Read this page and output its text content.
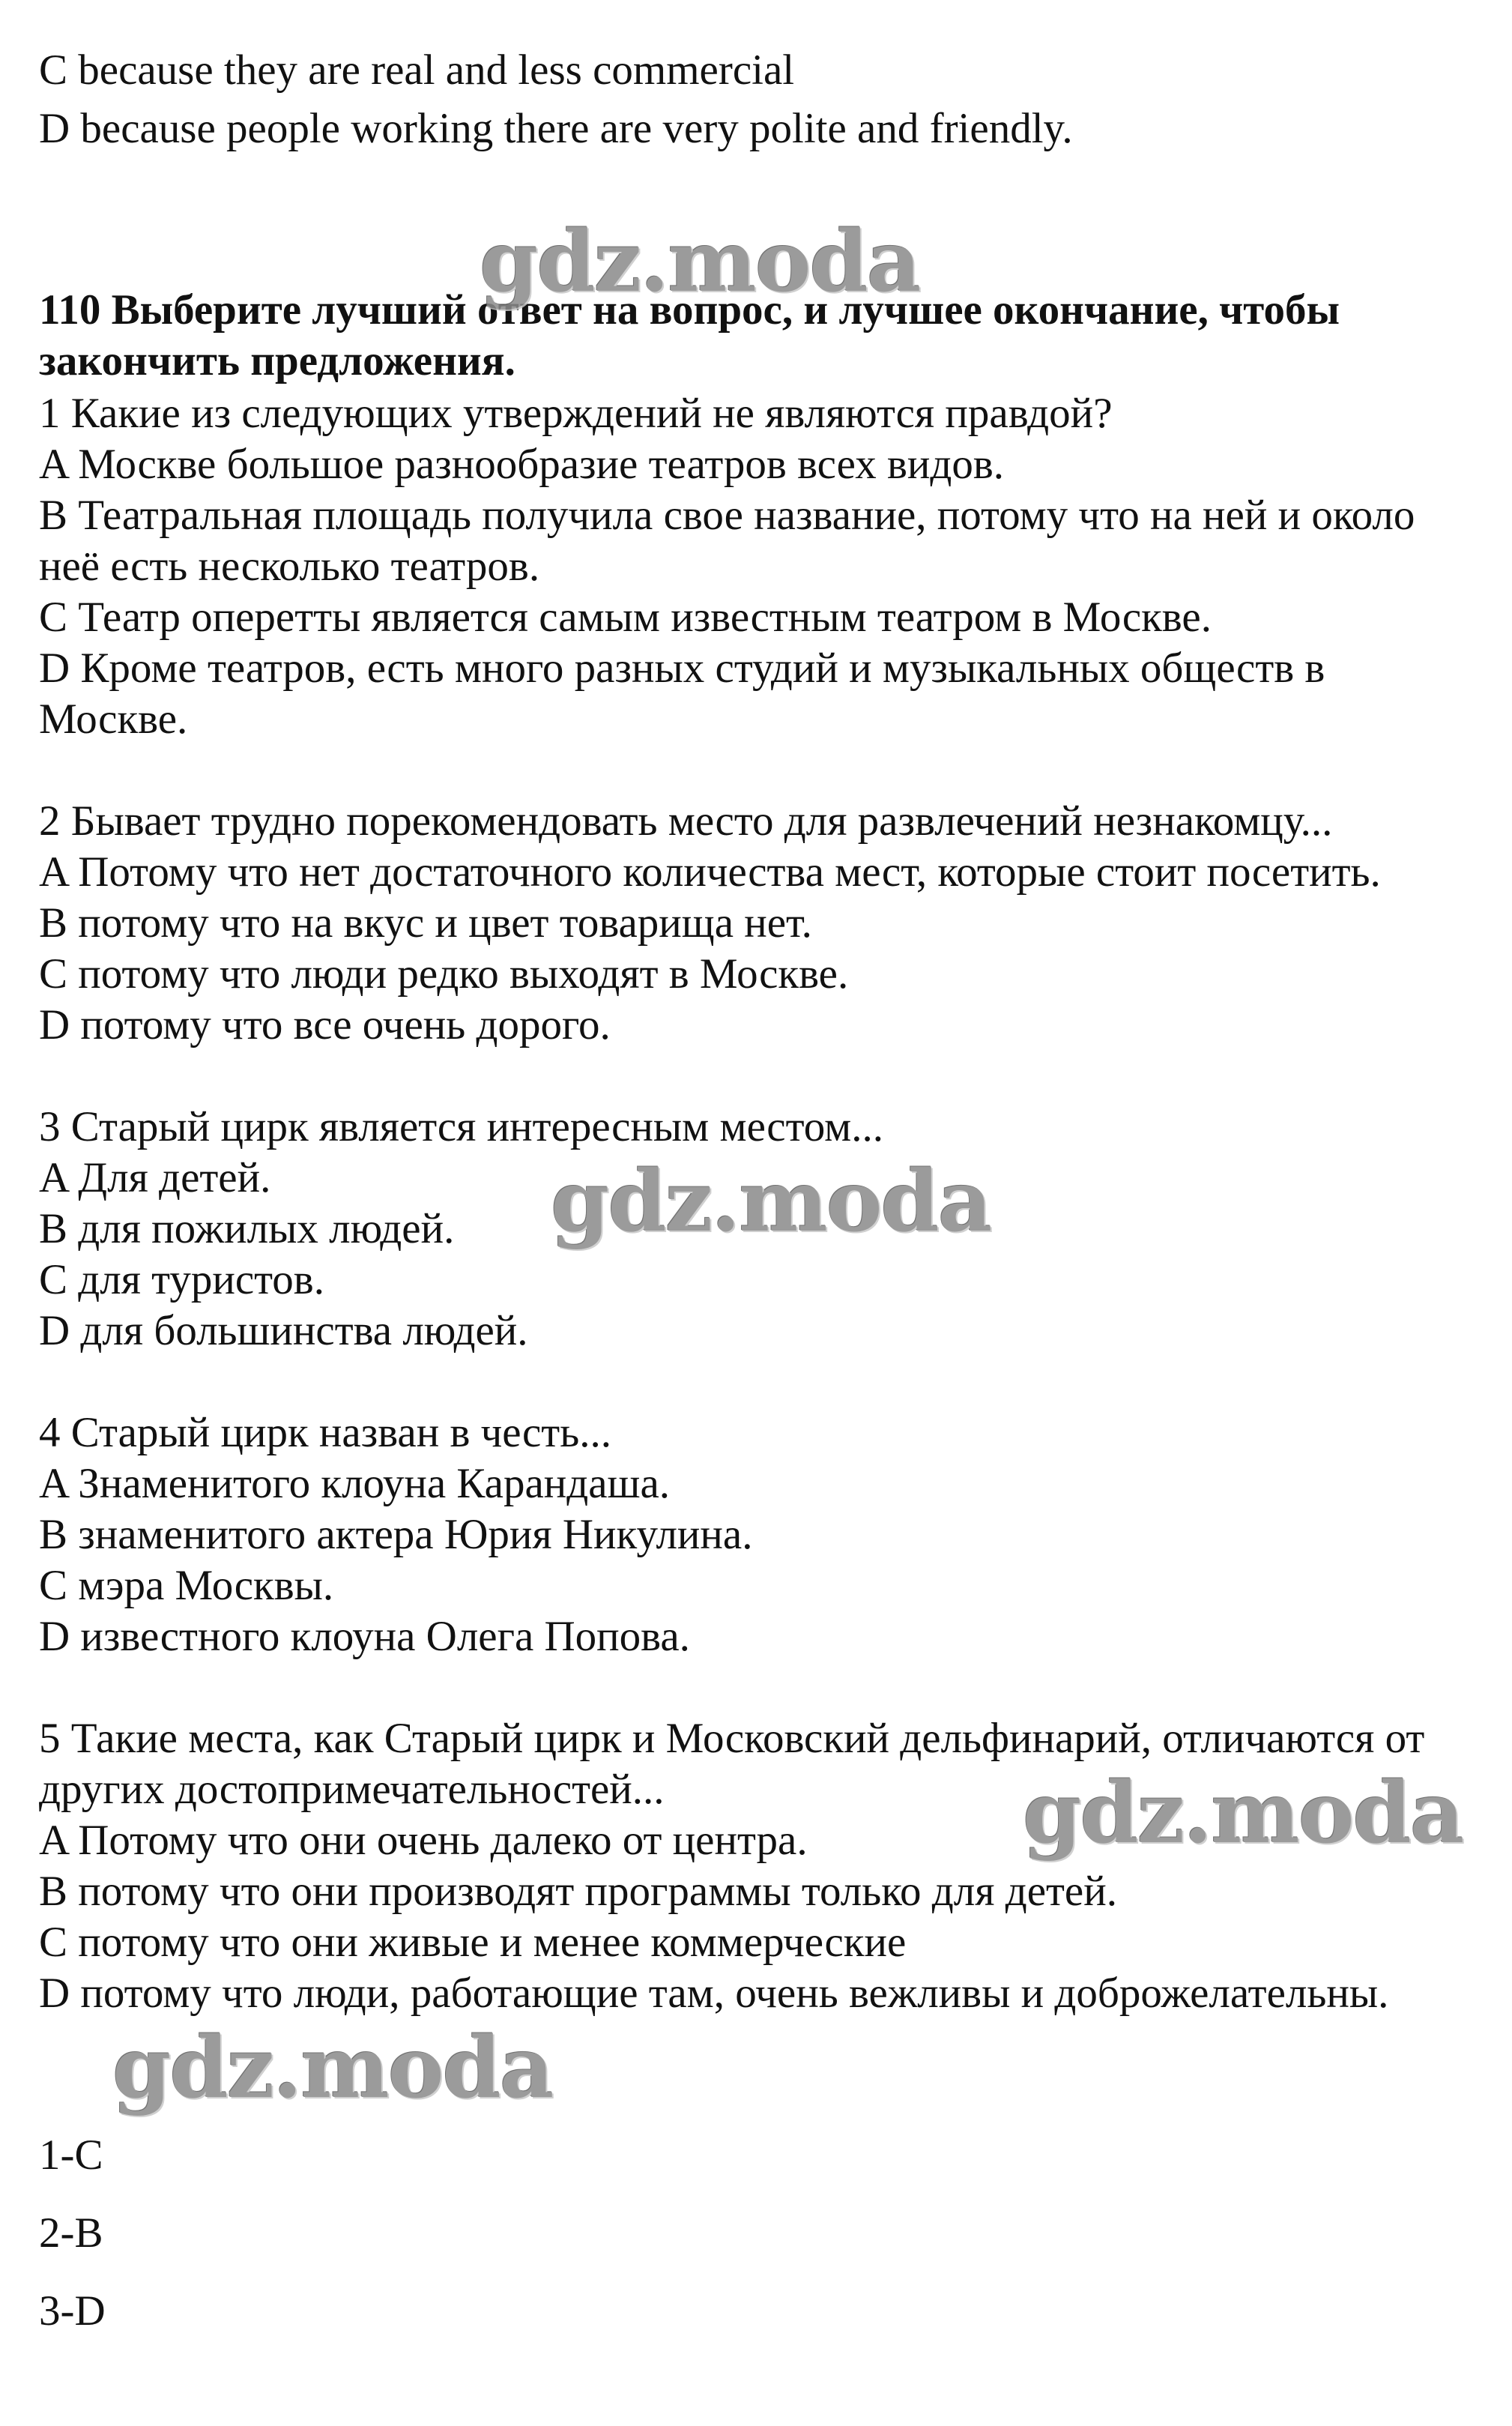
C because they are real and less commercial
D because people working there are very polite and friendly.
110 Выберите лучший ответ на вопрос, и лучшее окончание, чтобы
закончить предложения.
1 Какие из следующих утверждений не являются правдой?
A Москве большое разнообразие театров всех видов.
B Театральная площадь получила свое название, потому что на ней и около
неё есть несколько театров.
C Театр оперетты является самым известным театром в Москве.
D Кроме театров, есть много разных студий и музыкальных обществ в
Москве.
2 Бывает трудно порекомендовать место для развлечений незнакомцу...
A Потому что нет достаточного количества мест, которые стоит посетить.
B потому что на вкус и цвет товарища нет.
C потому что люди редко выходят в Москве.
D потому что все очень дорого.
3 Старый цирк является интересным местом...
A Для детей.
B для пожилых людей.
C для туристов.
D для большинства людей.
4 Старый цирк назван в честь...
A Знаменитого клоуна Карандаша.
B знаменитого актера Юрия Никулина.
C мэра Москвы.
D известного клоуна Олега Попова.
5 Такие места, как Старый цирк и Московский дельфинарий, отличаются от
других достопримечательностей...
A Потому что они очень далеко от центра.
B потому что они производят программы только для детей.
C потому что они живые и менее коммерческие
D потому что люди, работающие там, очень вежливы и доброжелательны.
1-C
2-B
3-D
gdz.moda
gdz.moda
gdz.moda
gdz.moda
